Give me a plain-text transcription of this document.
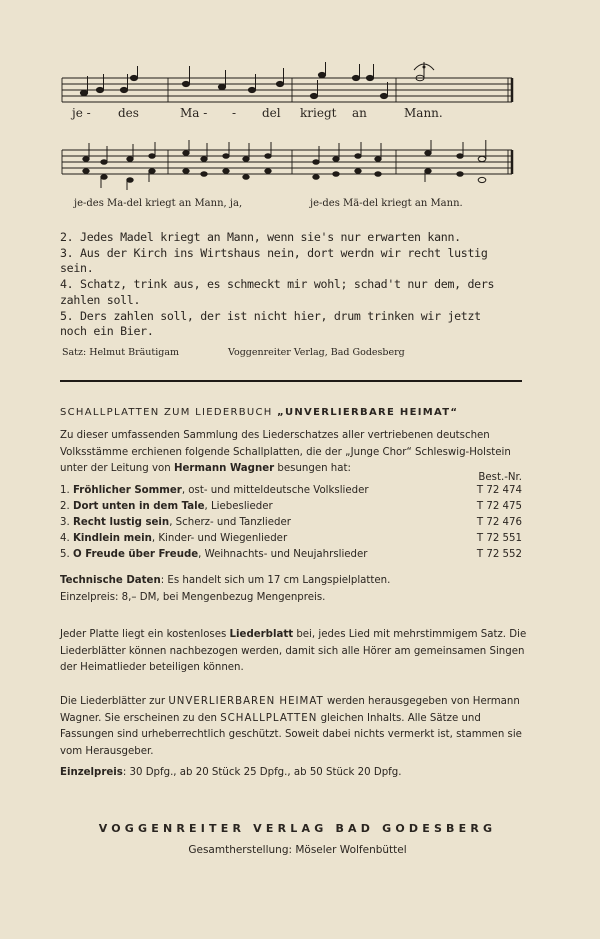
je - des	Ma - - del kriegt an	Mann.
je-des Ma-del kriegt an Mann, ja,	je-des Mä-del kriegt an Mann.

2. Jedes Madel kriegt an Mann, wenn sie's nur erwarten kann.

3. Aus der Kirch ins Wirtshaus nein, dort werdn wir recht lustig sein.

4. Schatz, trink aus, es schmeckt mir wohl; schad't nur dem, ders zahlen soll.

5. Ders zahlen soll, der ist nicht hier, drum trinken wir jetzt noch ein Bier.

Satz: Helmut Bräutigam	Voggenreiter Verlag, Bad Godesberg
SCHALLPLATTEN ZUM LIEDERBUCH „UNVERLIERBARE HEIMAT“

Zu dieser umfassenden Sammlung des Liederschatzes aller vertriebenen deutschen Volksstämme erchienen folgende Schallplatten, die der „Junge Chor“ Schleswig-Holstein unter der Leitung von Hermann Wagner besungen hat:

Best.-Nr.
1. Fröhlicher Sommer, ost- und mitteldeutsche Volkslieder	T 72 474
2. Dort unten in dem Tale, Liebeslieder	T 72 475
3. Recht lustig sein, Scherz- und Tanzlieder	T 72 476
4. Kindlein mein, Kinder- und Wiegenlieder	T 72 551
5. O Freude über Freude, Weihnachts- und Neujahrslieder	T 72 552

Technische Daten: Es handelt sich um 17 cm Langspielplatten.

Einzelpreis: 8,– DM, bei Mengenbezug Mengenpreis.

Jeder Platte liegt ein kostenloses Liederblatt bei, jedes Lied mit mehrstimmigem Satz. Die Liederblätter können nachbezogen werden, damit sich alle Hörer am gemeinsamen Singen der Heimatlieder beteiligen können.

Die Liederblätter zur UNVERLIERBAREN HEIMAT werden herausgegeben von Hermann Wagner. Sie erscheinen zu den SCHALLPLATTEN gleichen Inhalts. Alle Sätze und Fassungen sind urheberrechtlich geschützt. Soweit dabei nichts vermerkt ist, stammen sie vom Herausgeber.

Einzelpreis: 30 Dpfg., ab 20 Stück 25 Dpfg., ab 50 Stück 20 Dpfg.
VOGGENREITER VERLAG BAD GODESBERG
Gesamtherstellung: Möseler Wolfenbüttel
